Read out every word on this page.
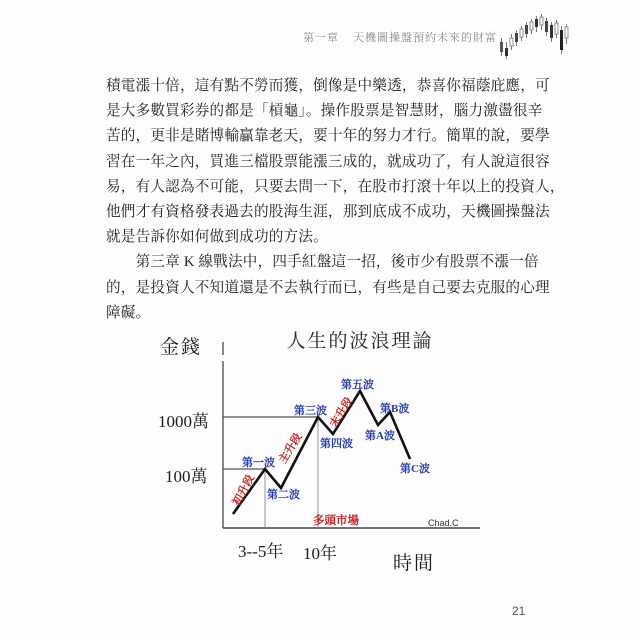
第一章 天機圖操盤預約未來的財富
積電漲十倍，這有點不勞而獲，倒像是中樂透，恭喜你福蔭庇應，可
是大多數買彩券的都是「槓龜」。操作股票是智慧財，腦力激盪很辛
苦的，更非是賭博輸贏靠老天，要十年的努力才行。簡單的說，要學
習在一年之內，買進三檔股票能漲三成的，就成功了，有人說這很容
易，有人認為不可能，只要去問一下，在股市打滾十年以上的投資人，
他們才有資格發表過去的股海生涯，那到底成不成功，天機圖操盤法
就是告訴你如何做到成功的方法。
　　第三章 K 線戰法中，四手紅盤這一招，後市少有股票不漲一倍
的，是投資人不知道還是不去執行而已，有些是自己要去克服的心理
障礙。
人生的波浪理論
金錢
時間
1000萬
100萬
3--5年 10年
第一波
第二波
第三波
第四波
第五波
第A波
第B波
第C波
初升段
主升段
末升段
多頭市場	Chad.C
21
